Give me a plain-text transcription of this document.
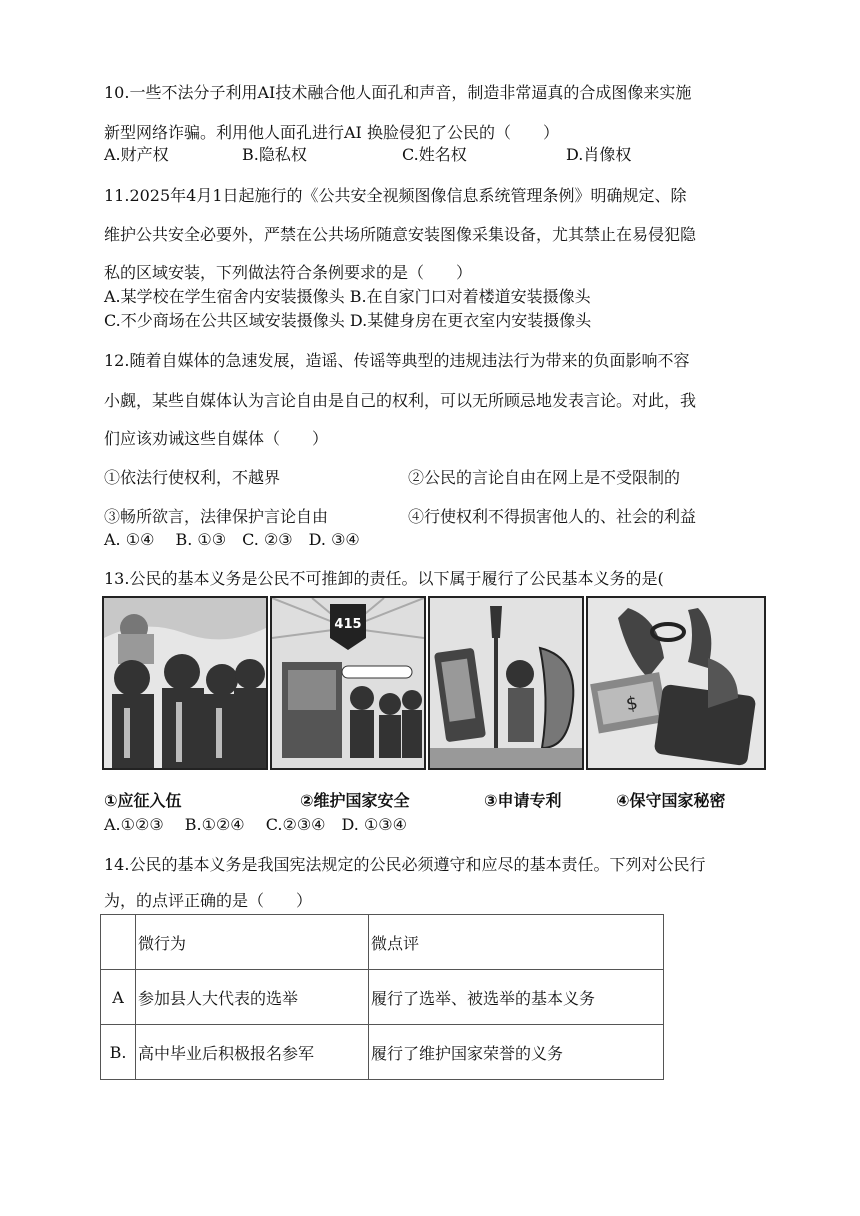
10.一些不法分子利用AI技术融合他人面孔和声音，制造非常逼真的合成图像来实施
新型网络诈骗。利用他人面孔进行AI 换脸侵犯了公民的（　　）
A.财产权	B.隐私权	C.姓名权	D.肖像权
11.2025年4月1日起施行的《公共安全视频图像信息系统管理条例》明确规定、除
维护公共安全必要外，严禁在公共场所随意安装图像采集设备，尤其禁止在易侵犯隐
私的区域安装，下列做法符合条例要求的是（　　）
A.某学校在学生宿舍内安装摄像头 B.在自家门口对着楼道安装摄像头
C.不少商场在公共区域安装摄像头 D.某健身房在更衣室内安装摄像头
12.随着自媒体的急速发展，造谣、传谣等典型的违规违法行为带来的负面影响不容
小觑，某些自媒体认为言论自由是自己的权利，可以无所顾忌地发表言论。对此，我
们应该劝诫这些自媒体（　　）
①依法行使权利，不越界	②公民的言论自由在网上是不受限制的
③畅所欲言，法律保护言论自由	④行使权利不得损害他人的、社会的利益
A. ①④　 B. ①③　C. ②③　D. ③④
13.公民的基本义务是公民不可推卸的责任。以下属于履行了公民基本义务的是(
415
$
①应征入伍	②维护国家安全	③申请专利	④保守国家秘密
A.①②③　 B.①②④　 C.②③④　D. ①③④
14.公民的基本义务是我国宪法规定的公民必须遵守和应尽的基本责任。下列对公民行
为，的点评正确的是（　　）
	微行为	微点评
A	参加县人大代表的选举	履行了选举、被选举的基本义务
B.	高中毕业后积极报名参军	履行了维护国家荣誉的义务
